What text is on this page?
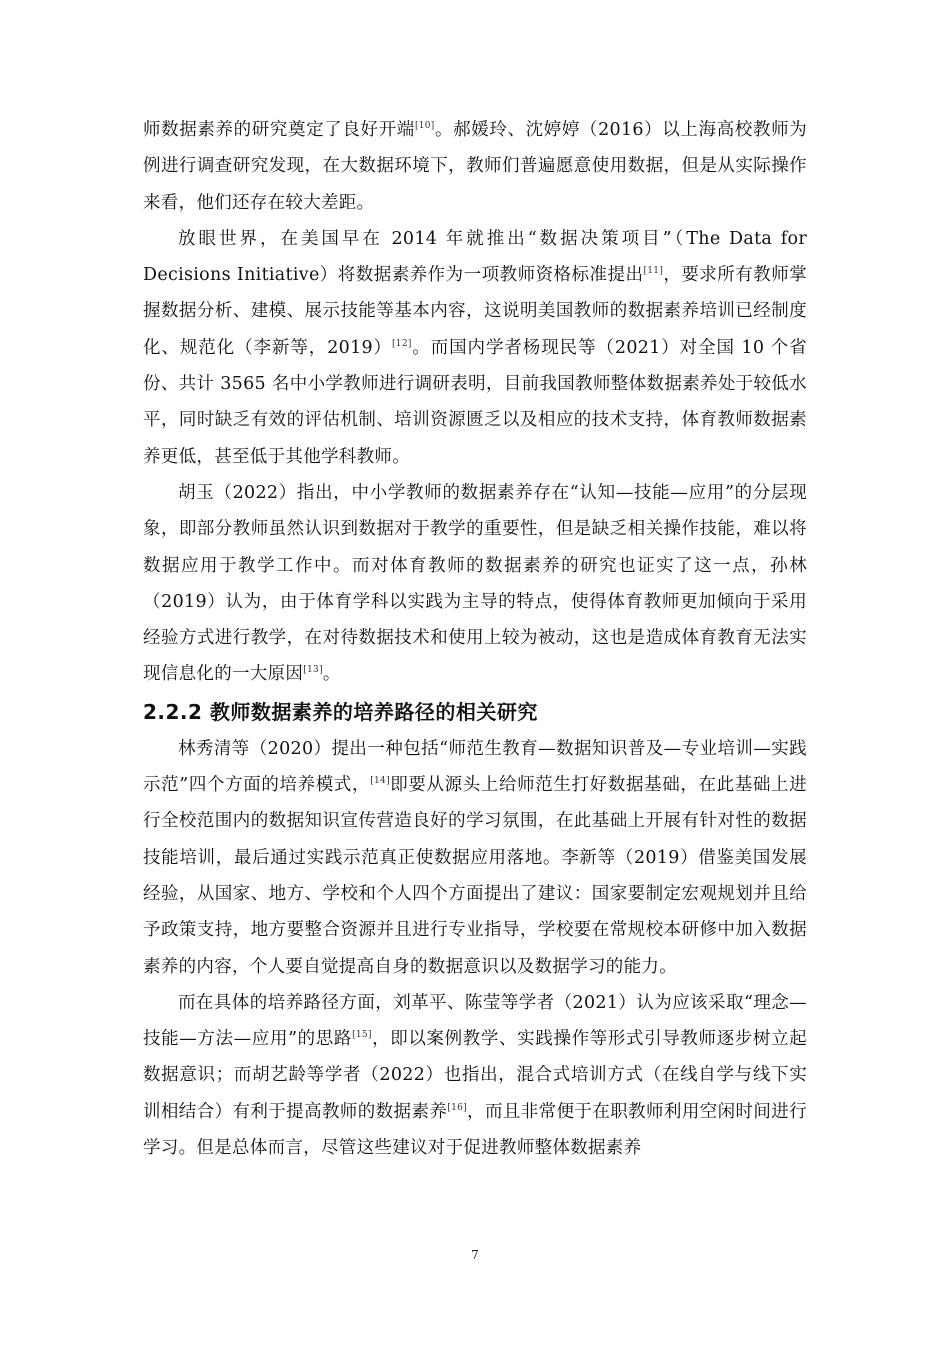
师数据素养的研究奠定了良好开端[10]。郝媛玲、沈婷婷（2016）以上海高校教师为例进行调查研究发现，在大数据环境下，教师们普遍愿意使用数据，但是从实际操作来看，他们还存在较大差距。

放眼世界，在美国早在 2014 年就推出“数据决策项目”（The Data for Decisions Initiative）将数据素养作为一项教师资格标准提出[11]，要求所有教师掌握数据分析、建模、展示技能等基本内容，这说明美国教师的数据素养培训已经制度化、规范化（李新等，2019）[12]。而国内学者杨现民等（2021）对全国 10 个省份、共计 3565 名中小学教师进行调研表明，目前我国教师整体数据素养处于较低水平，同时缺乏有效的评估机制、培训资源匮乏以及相应的技术支持，体育教师数据素养更低，甚至低于其他学科教师。

胡玉（2022）指出，中小学教师的数据素养存在“认知—技能—应用”的分层现象，即部分教师虽然认识到数据对于教学的重要性，但是缺乏相关操作技能，难以将数据应用于教学工作中。而对体育教师的数据素养的研究也证实了这一点，孙林（2019）认为，由于体育学科以实践为主导的特点，使得体育教师更加倾向于采用经验方式进行教学，在对待数据技术和使用上较为被动，这也是造成体育教育无法实现信息化的一大原因[13]。

2.2.2 教师数据素养的培养路径的相关研究

林秀清等（2020）提出一种包括“师范生教育—数据知识普及—专业培训—实践示范”四个方面的培养模式，[14]即要从源头上给师范生打好数据基础，在此基础上进行全校范围内的数据知识宣传营造良好的学习氛围，在此基础上开展有针对性的数据技能培训，最后通过实践示范真正使数据应用落地。李新等（2019）借鉴美国发展经验，从国家、地方、学校和个人四个方面提出了建议：国家要制定宏观规划并且给予政策支持，地方要整合资源并且进行专业指导，学校要在常规校本研修中加入数据素养的内容，个人要自觉提高自身的数据意识以及数据学习的能力。

而在具体的培养路径方面，刘革平、陈莹等学者（2021）认为应该采取“理念—技能—方法—应用”的思路[15]，即以案例教学、实践操作等形式引导教师逐步树立起数据意识；而胡艺龄等学者（2022）也指出，混合式培训方式（在线自学与线下实训相结合）有利于提高教师的数据素养[16]，而且非常便于在职教师利用空闲时间进行学习。但是总体而言，尽管这些建议对于促进教师整体数据素养

7
